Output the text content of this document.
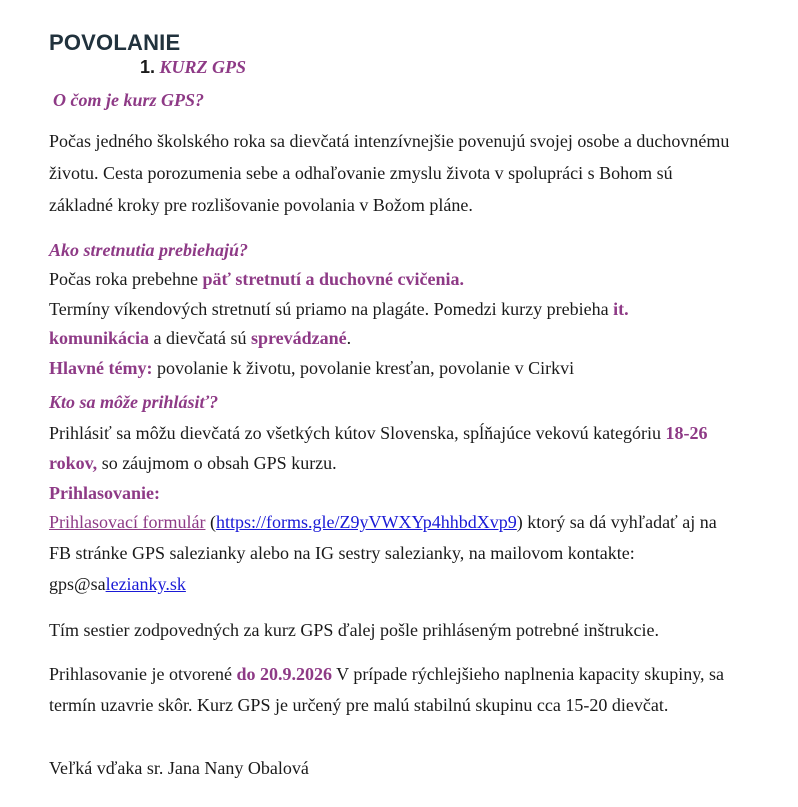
POVOLANIE
1. KURZ GPS

O čom je kurz GPS?

Počas jedného školského roka sa dievčatá intenzívnejšie povenujú svojej osobe a duchovnému

životu. Cesta porozumenia sebe a odhaľovanie zmyslu života v spolupráci s Bohom sú

základné kroky pre rozlišovanie povolania v Božom pláne.

Ako stretnutia prebiehajú?

Počas roka prebehne päť stretnutí a duchovné cvičenia.

Termíny víkendových stretnutí sú priamo na plagáte. Pomedzi kurzy prebieha it.

komunikácia a dievčatá sú sprevádzané.

Hlavné témy: povolanie k životu, povolanie kresťan, povolanie v Cirkvi

Kto sa môže prihlásiť?

Prihlásiť sa môžu dievčatá zo všetkých kútov Slovenska, spĺňajúce vekovú kategóriu 18-26

rokov, so záujmom o obsah GPS kurzu.

Prihlasovanie:

Prihlasovací formulár (https://forms.gle/Z9yVWXYp4hhbdXvp9) ktorý sa dá vyhľadať aj na

FB stránke GPS salezianky alebo na IG sestry salezianky, na mailovom kontakte:

gps@salezianky.sk

Tím sestier zodpovedných za kurz GPS ďalej pošle prihláseným potrebné inštrukcie.

Prihlasovanie je otvorené do 20.9.2026 V prípade rýchlejšieho naplnenia kapacity skupiny, sa

termín uzavrie skôr. Kurz GPS je určený pre malú stabilnú skupinu cca 15-20 dievčat.

Veľká vďaka sr. Jana Nany Obalová
